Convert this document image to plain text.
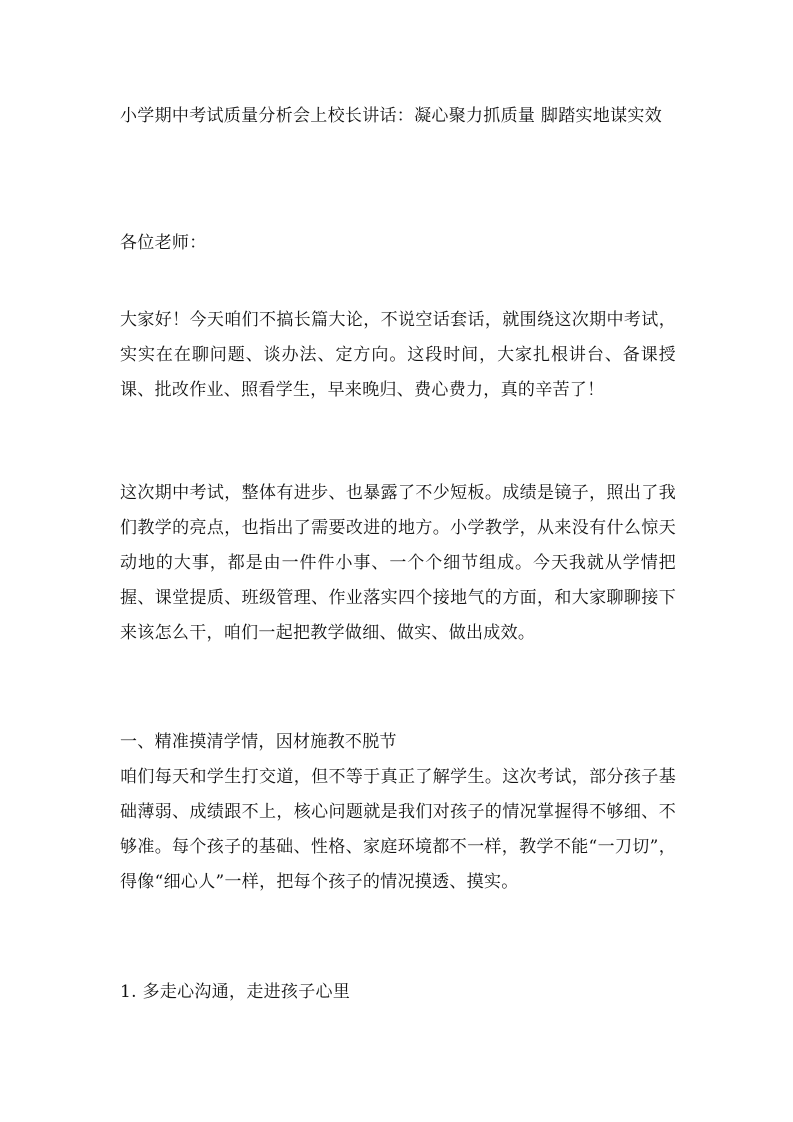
小学期中考试质量分析会上校长讲话：凝心聚力抓质量 脚踏实地谋实效

各位老师：

大家好！今天咱们不搞长篇大论，不说空话套话，就围绕这次期中考试，实实在在聊问题、谈办法、定方向。这段时间，大家扎根讲台、备课授课、批改作业、照看学生，早来晚归、费心费力，真的辛苦了！

这次期中考试，整体有进步、也暴露了不少短板。成绩是镜子，照出了我们教学的亮点，也指出了需要改进的地方。小学教学，从来没有什么惊天动地的大事，都是由一件件小事、一个个细节组成。今天我就从学情把握、课堂提质、班级管理、作业落实四个接地气的方面，和大家聊聊接下来该怎么干，咱们一起把教学做细、做实、做出成效。

一、精准摸清学情，因材施教不脱节

咱们每天和学生打交道，但不等于真正了解学生。这次考试，部分孩子基础薄弱、成绩跟不上，核心问题就是我们对孩子的情况掌握得不够细、不够准。每个孩子的基础、性格、家庭环境都不一样，教学不能“一刀切”，得像“细心人”一样，把每个孩子的情况摸透、摸实。

1. 多走心沟通，走进孩子心里
